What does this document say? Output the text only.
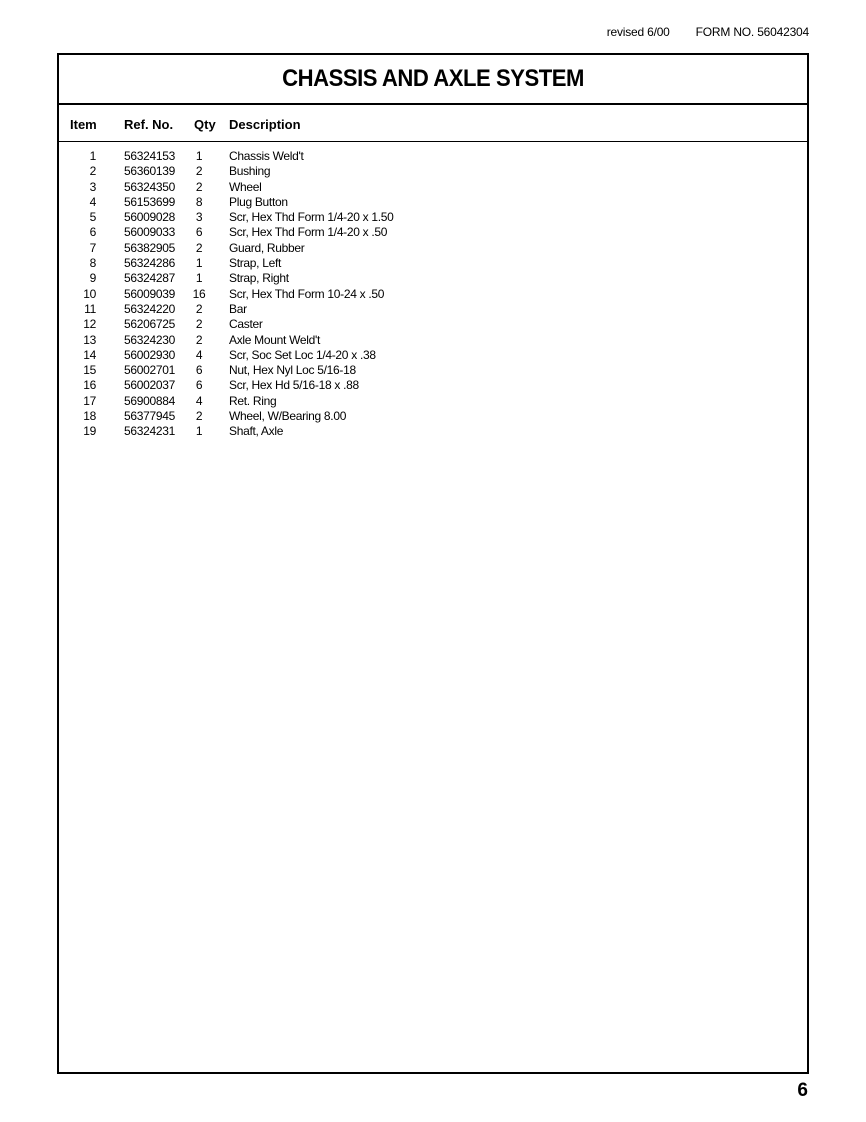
revised 6/00 FORM NO. 56042304
CHASSIS AND AXLE SYSTEM
Item Ref. No. Qty Description
1 56324153	1	Chassis Weld't
2 56360139	2	Bushing
3 56324350	2	Wheel
4 56153699	8	Plug Button
5 56009028	3	Scr, Hex Thd Form 1/4-20 x 1.50
6 56009033	6	Scr, Hex Thd Form 1/4-20 x .50
7 56382905	2	Guard, Rubber
8 56324286	1	Strap, Left
9 56324287	1	Strap, Right
10 56009039	16	Scr, Hex Thd Form 10-24 x .50
11 56324220	2	Bar
12 56206725	2	Caster
13 56324230	2	Axle Mount Weld't
14 56002930	4	Scr, Soc Set Loc 1/4-20 x .38
15 56002701	6	Nut, Hex Nyl Loc 5/16-18
16 56002037	6	Scr, Hex Hd 5/16-18 x .88
17 56900884	4	Ret. Ring
18 56377945	2	Wheel, W/Bearing 8.00
19 56324231	1	Shaft, Axle
6
